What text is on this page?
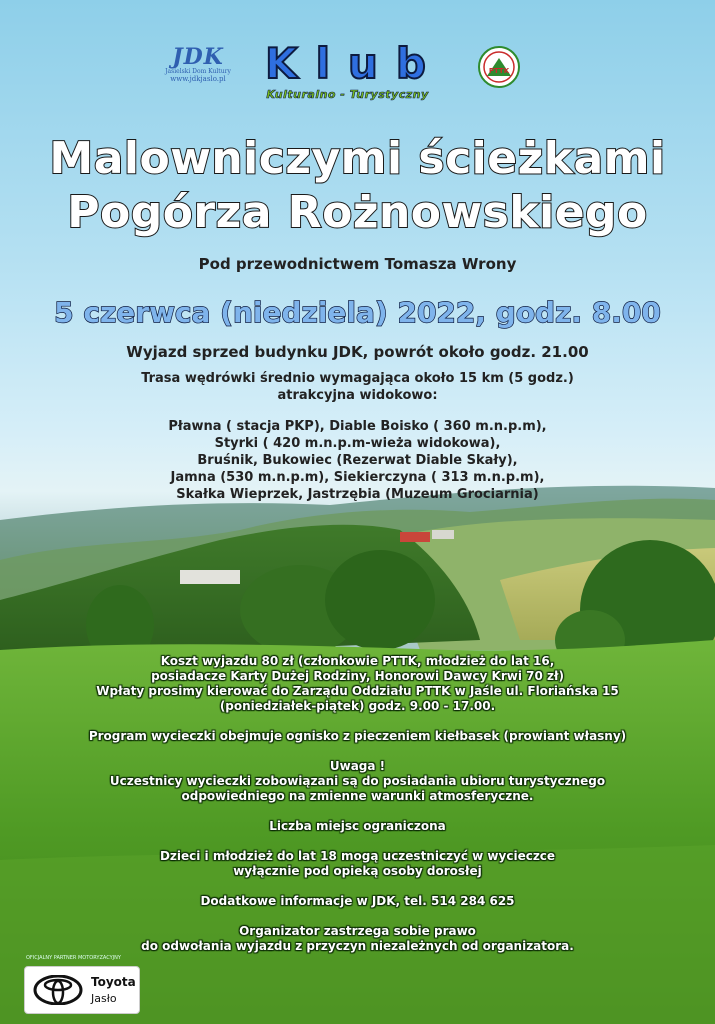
JDK
Jasielski Dom Kultury
www.jdkjaslo.pl Klub
Kulturalno - Turystyczny
PTTK
Malowniczymi ścieżkami
Pogórza Rożnowskiego
Pod przewodnictwem Tomasza Wrony
5 czerwca (niedziela) 2022, godz. 8.00
Wyjazd sprzed budynku JDK, powrót około godz. 21.00
Trasa wędrówki średnio wymagająca około 15 km (5 godz.)
atrakcyjna widokowo:
Pławna ( stacja PKP), Diable Boisko ( 360 m.n.p.m),
Styrki ( 420 m.n.p.m-wieża widokowa),
Bruśnik, Bukowiec (Rezerwat Diable Skały),
Jamna (530 m.n.p.m), Siekierczyna ( 313 m.n.p.m),
Skałka Wieprzek, Jastrzębia (Muzeum Grociarnia)
Koszt wyjazdu 80 zł (członkowie PTTK, młodzież do lat 16,
posiadacze Karty Dużej Rodziny, Honorowi Dawcy Krwi 70 zł)
Wpłaty prosimy kierować do Zarządu Oddziału PTTK w Jaśle ul. Floriańska 15
(poniedziałek-piątek) godz. 9.00 - 17.00.
Program wycieczki obejmuje ognisko z pieczeniem kiełbasek (prowiant własny)
Uwaga !
Uczestnicy wycieczki zobowiązani są do posiadania ubioru turystycznego
odpowiedniego na zmienne warunki atmosferyczne.
Liczba miejsc ograniczona
Dzieci i młodzież do lat 18 mogą uczestniczyć w wycieczce
wyłącznie pod opieką osoby dorosłej
Dodatkowe informacje w JDK, tel. 514 284 625
Organizator zastrzega sobie prawo
do odwołania wyjazdu z przyczyn niezależnych od organizatora.
OFICJALNY PARTNER MOTORYZACYJNY
Toyota
Jasło
